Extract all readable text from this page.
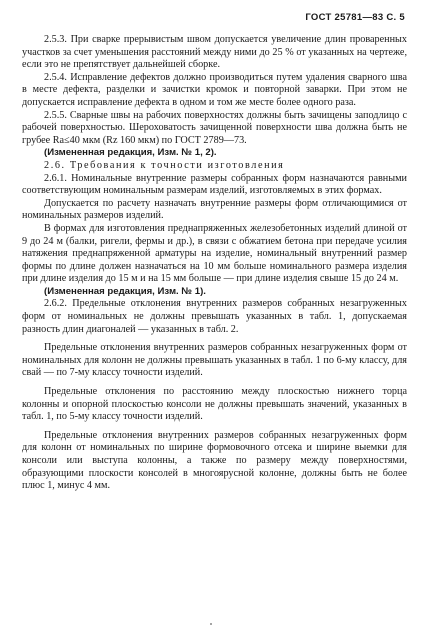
ГОСТ 25781—83 С. 5

2.5.3. При сварке прерывистым швом допускается увеличение длин проваренных участков за счет уменьшения расстояний между ними до 25 % от указанных на чертеже, если это не препятствует дальнейшей сборке.

2.5.4. Исправление дефектов должно производиться путем удаления сварного шва в месте дефекта, разделки и зачистки кромок и повторной заварки. При этом не допускается исправление дефекта в одном и том же месте более одного раза.

2.5.5. Сварные швы на рабочих поверхностях должны быть зачищены заподлицо с рабочей поверхностью. Шероховатость зачищенной поверхности шва должна быть не грубее Ra≤40 мкм (Rz 160 мкм) по ГОСТ 2789—73.

(Измененная редакция, Изм. № 1, 2).

2.6. Требования к точности изготовления

2.6.1. Номинальные внутренние размеры собранных форм назначаются равными соответствующим номинальным размерам изделий, изготовляемых в этих формах.

Допускается по расчету назначать внутренние размеры форм отличающимися от номинальных размеров изделий.

В формах для изготовления преднапряженных железобетонных изделий длиной от 9 до 24 м (балки, ригели, фермы и др.), в связи с обжатием бетона при передаче усилия натяжения преднапряженной арматуры на изделие, номинальный внутренний размер формы по длине должен назначаться на 10 мм больше номинального размера изделия при длине изделия до 15 м и на 15 мм больше — при длине изделия свыше 15 до 24 м.

(Измененная редакция, Изм. № 1).

2.6.2. Предельные отклонения внутренних размеров собранных незагруженных форм от номинальных не должны превышать указанных в табл. 1, допускаемая разность длин диагоналей — указанных в табл. 2.

Предельные отклонения внутренних размеров собранных незагруженных форм от номинальных для колонн не должны превышать указанных в табл. 1 по 6-му классу, для свай — по 7-му классу точности изделий.

Предельные отклонения по расстоянию между плоскостью нижнего торца колонны и опорной плоскостью консоли не должны превышать значений, указанных в табл. 1, по 5-му классу точности изделий.

Предельные отклонения внутренних размеров собранных незагруженных форм для колонн от номинальных по ширине формовочного отсека и ширине выемки для консоли или выступа колонны, а также по размеру между поверхностями, образующими плоскости консолей в многоярусной колонне, должны быть не более плюс 1, минус 4 мм.
